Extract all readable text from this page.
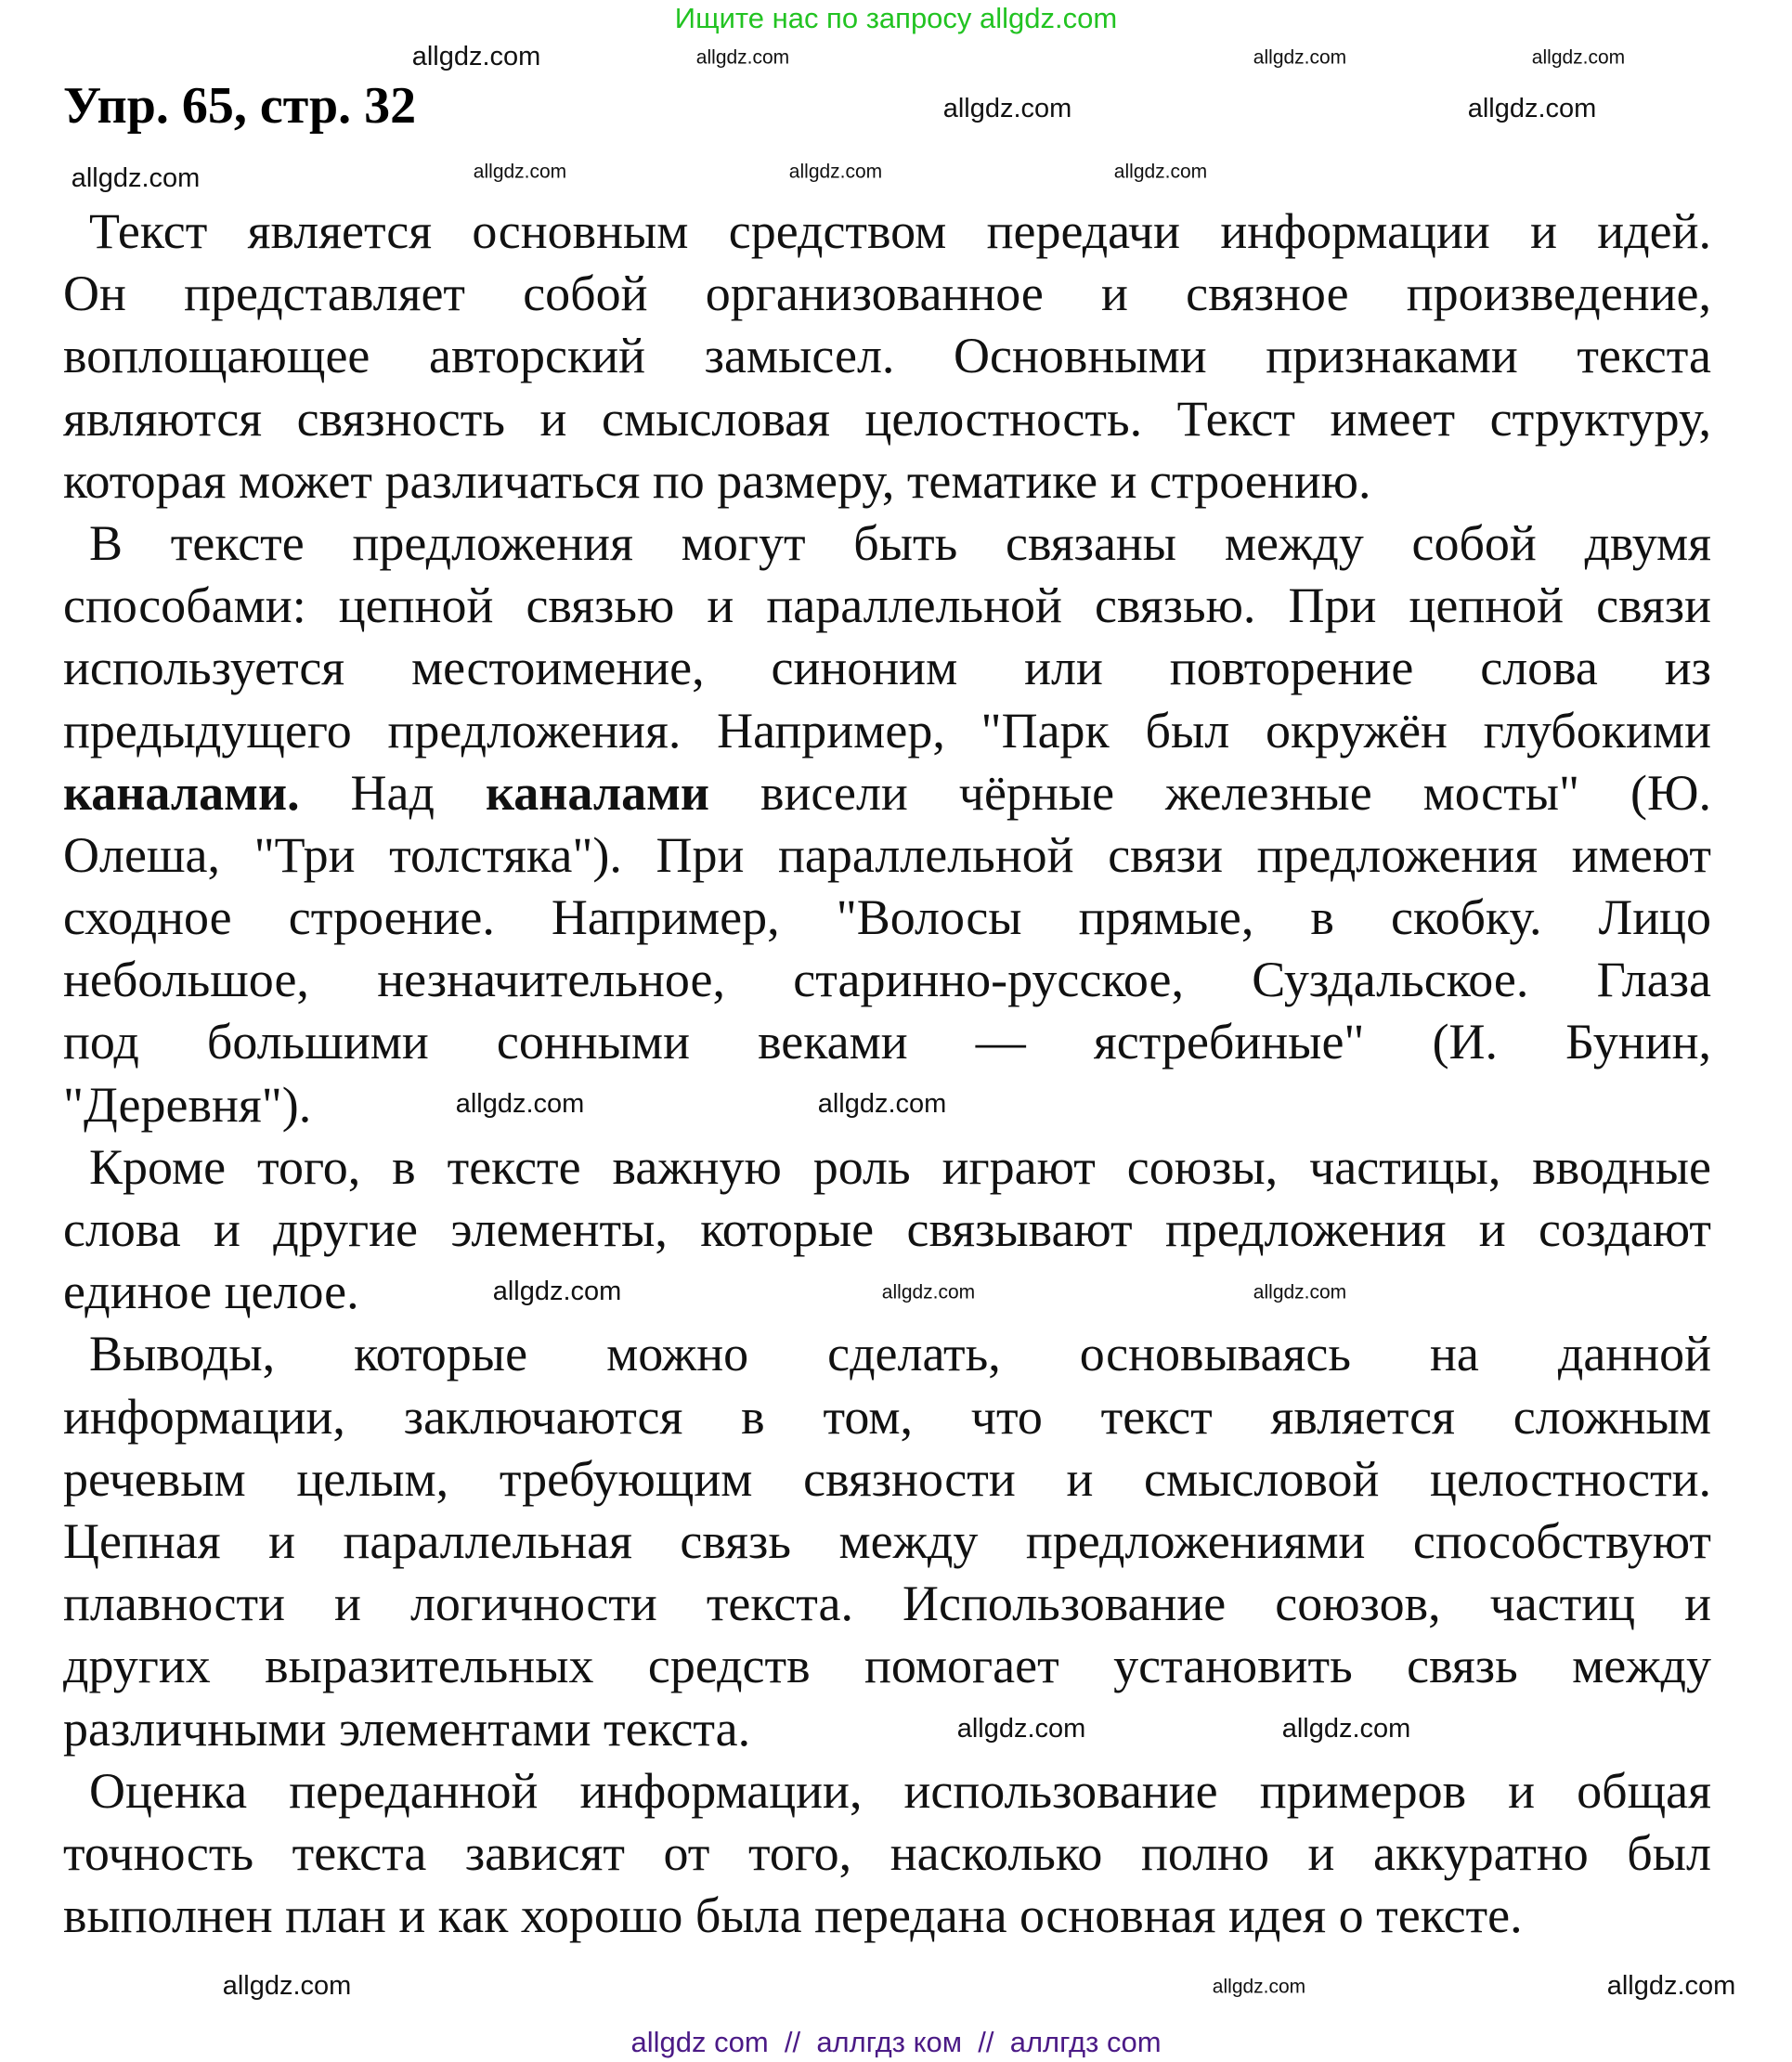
Ищите нас по запросу allgdz.com
Упр. 65, стр. 32
Текст является основным средством передачи информации и идей.
Он представляет собой организованное и связное произведение,
воплощающее авторский замысел. Основными признаками текста
являются связность и смысловая целостность. Текст имеет структуру,
которая может различаться по размеру, тематике и строению.
В тексте предложения могут быть связаны между собой двумя
способами: цепной связью и параллельной связью. При цепной связи
используется местоимение, синоним или повторение слова из
предыдущего предложения. Например, "Парк был окружён глубокими
каналами. Над каналами висели чёрные железные мосты" (Ю.
Олеша, "Три толстяка"). При параллельной связи предложения имеют
сходное строение. Например, "Волосы прямые, в скобку. Лицо
небольшое, незначительное, старинно-русское, Суздальское. Глаза
под большими сонными веками — ястребиные" (И. Бунин,
"Деревня").
Кроме того, в тексте важную роль играют союзы, частицы, вводные
слова и другие элементы, которые связывают предложения и создают
единое целое.
Выводы, которые можно сделать, основываясь на данной
информации, заключаются в том, что текст является сложным
речевым целым, требующим связности и смысловой целостности.
Цепная и параллельная связь между предложениями способствуют
плавности и логичности текста. Использование союзов, частиц и
других выразительных средств помогает установить связь между
различными элементами текста.
Оценка переданной информации, использование примеров и общая
точность текста зависят от того, насколько полно и аккуратно был
выполнен план и как хорошо была передана основная идея о тексте.
allgdz.com	allgdz.com	allgdz.com	allgdz.com
allgdz.com	allgdz.com
allgdz.com	allgdz.com	allgdz.com	allgdz.com
allgdz.com	allgdz.com
allgdz.com	allgdz.com	allgdz.com
allgdz.com	allgdz.com
allgdz.com	allgdz.com	allgdz.com
allgdz com  //  аллгдз ком  //  аллгдз com
